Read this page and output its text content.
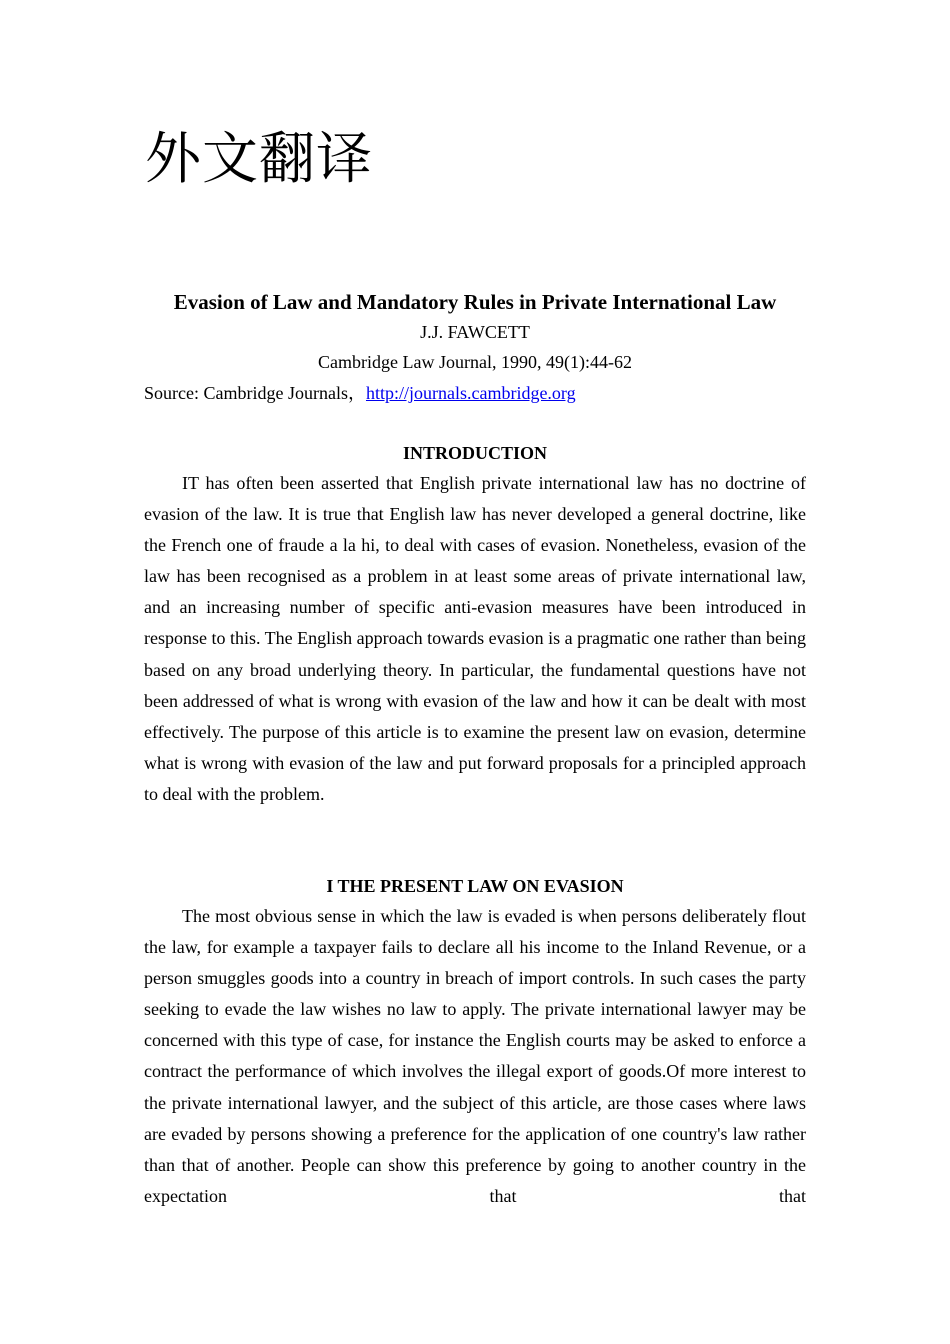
外文翻译

Evasion of Law and Mandatory Rules in Private International Law

J.J. FAWCETT

Cambridge Law Journal, 1990, 49(1):44-62

Source: Cambridge Journals，http://journals.cambridge.org
INTRODUCTION

IT has often been asserted that English private international law has no doctrine of evasion of the law. It is true that English law has never developed a general doctrine, like the French one of fraude a la hi, to deal with cases of evasion. Nonetheless, evasion of the law has been recognised as a problem in at least some areas of private international law, and an increasing number of specific anti-evasion measures have been introduced in response to this. The English approach towards evasion is a pragmatic one rather than being based on any broad underlying theory. In particular, the fundamental questions have not been addressed of what is wrong with evasion of the law and how it can be dealt with most effectively. The purpose of this article is to examine the present law on evasion, determine what is wrong with evasion of the law and put forward proposals for a principled approach to deal with the problem.

I THE PRESENT LAW ON EVASION

The most obvious sense in which the law is evaded is when persons deliberately flout the law, for example a taxpayer fails to declare all his income to the Inland Revenue, or a person smuggles goods into a country in breach of import controls. In such cases the party seeking to evade the law wishes no law to apply. The private international lawyer may be concerned with this type of case, for instance the English courts may be asked to enforce a contract the performance of which involves the illegal export of goods.Of more interest to the private international lawyer, and the subject of this article, are those cases where laws are evaded by persons showing a preference for the application of one country's law rather than that of another. People can show this preference by going to another country in the expectation that that
